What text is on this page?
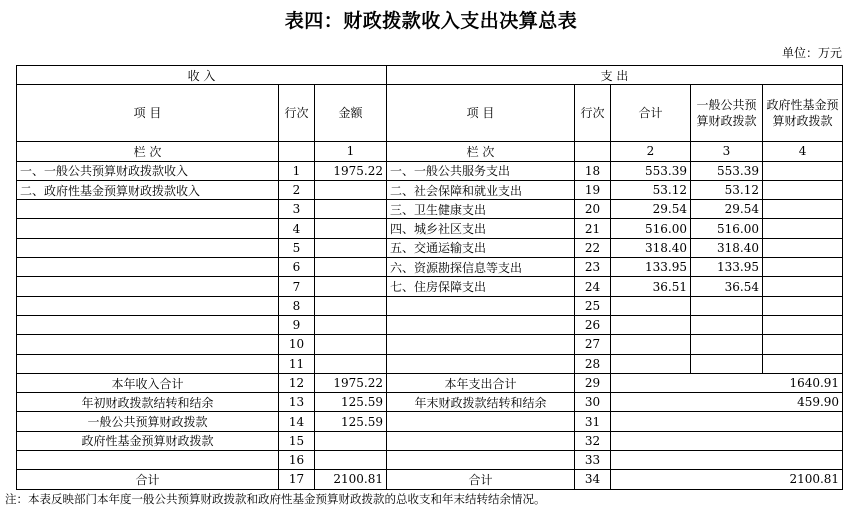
表四：财政拨款收入支出决算总表
单位：万元
收 入			支 出				
项 目	行次	金额	项 目	行次	合计	一般公共预算财政拨款	政府性基金预算财政拨款
栏 次		1	栏 次		2	3	4
一、一般公共预算财政拨款收入	1	1975.22	一、一般公共服务支出	18	553.39	553.39	
二、政府性基金预算财政拨款收入	2		二、社会保障和就业支出	19	53.12	53.12	
	3		三、卫生健康支出	20	29.54	29.54	
	4		四、城乡社区支出	21	516.00	516.00	
	5		五、交通运输支出	22	318.40	318.40	
	6		六、资源勘探信息等支出	23	133.95	133.95	
	7		七、住房保障支出	24	36.51	36.54	
	8			25			
	9			26			
	10			27			
	11			28			
本年收入合计	12	1975.22	本年支出合计	29	1640.91		
年初财政拨款结转和结余	13	125.59	年末财政拨款结转和结余	30	459.90		
一般公共预算财政拨款	14	125.59		31			
政府性基金预算财政拨款	15			32			
	16			33			
合计	17	2100.81	合计	34	2100.81		
注：本表反映部门本年度一般公共预算财政拨款和政府性基金预算财政拨款的总收支和年末结转结余情况。
